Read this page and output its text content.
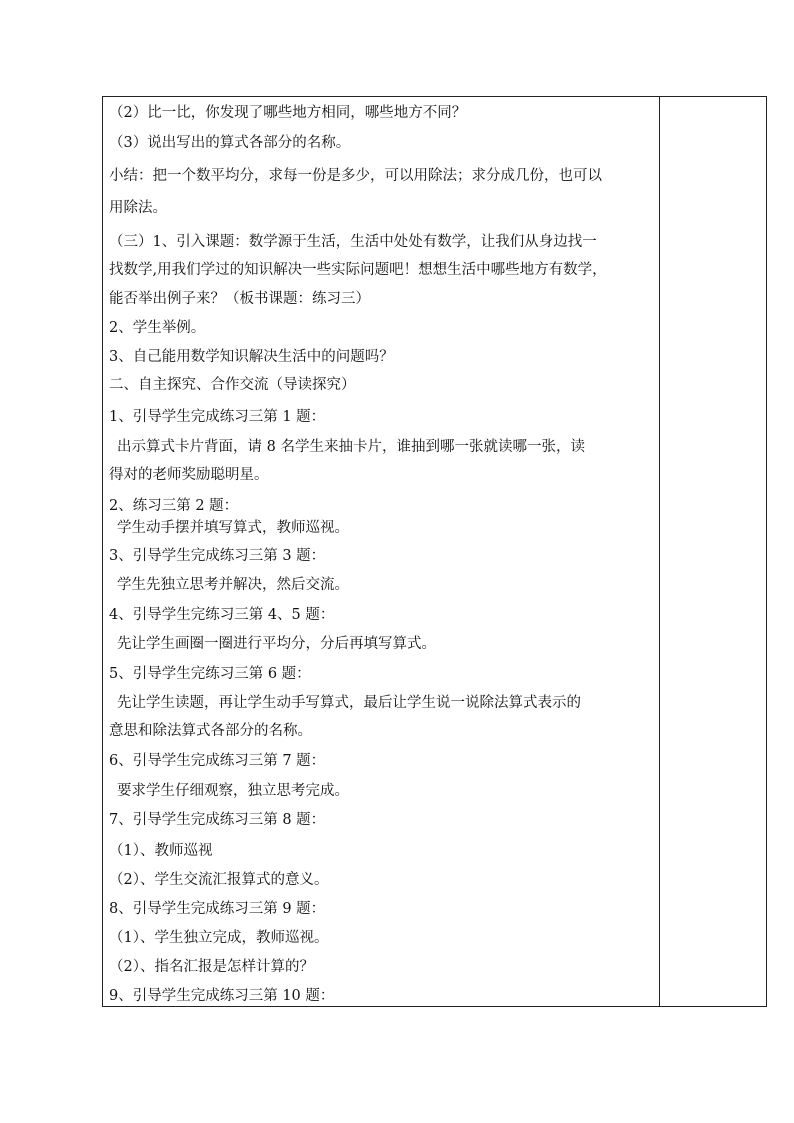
（2）比一比，你发现了哪些地方相同，哪些地方不同？
（3）说出写出的算式各部分的名称。
小结：把一个数平均分，求每一份是多少，可以用除法；求分成几份，也可以
用除法。
（三）1、引入课题：数学源于生活，生活中处处有数学，让我们从身边找一
找数学,用我们学过的知识解决一些实际问题吧！想想生活中哪些地方有数学，
能否举出例子来？（板书课题：练习三）
2、学生举例。
3、自己能用数学知识解决生活中的问题吗？
二、自主探究、合作交流（导读探究）
1、引导学生完成练习三第 1 题：
出示算式卡片背面，请 8 名学生来抽卡片，谁抽到哪一张就读哪一张，读
得对的老师奖励聪明星。
2、练习三第 2 题：
学生动手摆并填写算式，教师巡视。
3、引导学生完成练习三第 3 题：
学生先独立思考并解决，然后交流。
4、引导学生完练习三第 4、5 题：
先让学生画圈一圈进行平均分，分后再填写算式。
5、引导学生完练习三第 6 题：
先让学生读题，再让学生动手写算式，最后让学生说一说除法算式表示的
意思和除法算式各部分的名称。
6、引导学生完成练习三第 7 题：
要求学生仔细观察，独立思考完成。
7、引导学生完成练习三第 8 题：
（1）、教师巡视
（2）、学生交流汇报算式的意义。
8、引导学生完成练习三第 9 题：
（1）、学生独立完成，教师巡视。
（2）、指名汇报是怎样计算的？
9、引导学生完成练习三第 10 题：
